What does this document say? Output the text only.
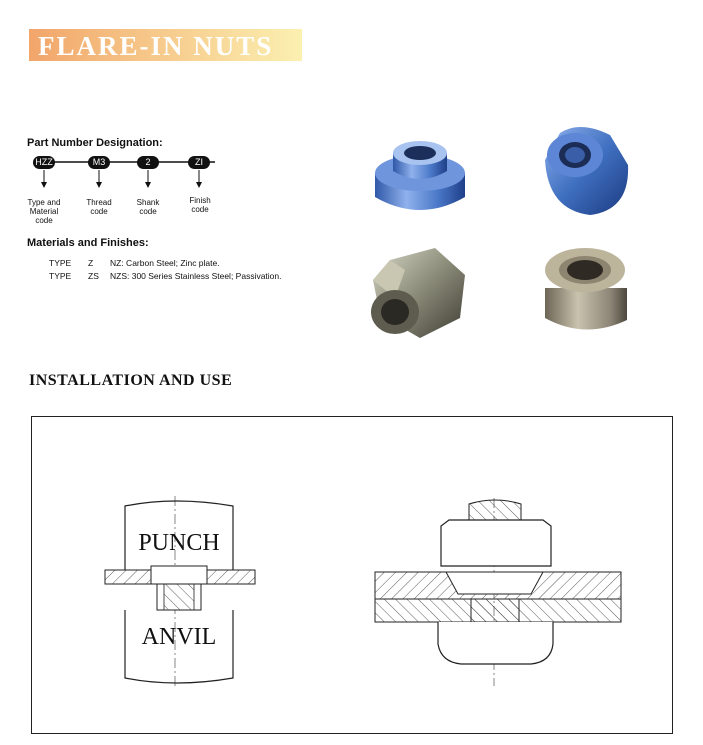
FLARE-IN NUTS
Part Number Designation:
HZZ	M3	2	ZI
Type and
Material
code
Thread
code
Shank
code
Finish
code
Materials and Finishes:
TYPE Z NZ: Carbon Steel; Zinc plate.
TYPE ZS NZS: 300 Series Stainless Steel; Passivation.
INSTALLATION AND USE
PUNCH
ANVIL
